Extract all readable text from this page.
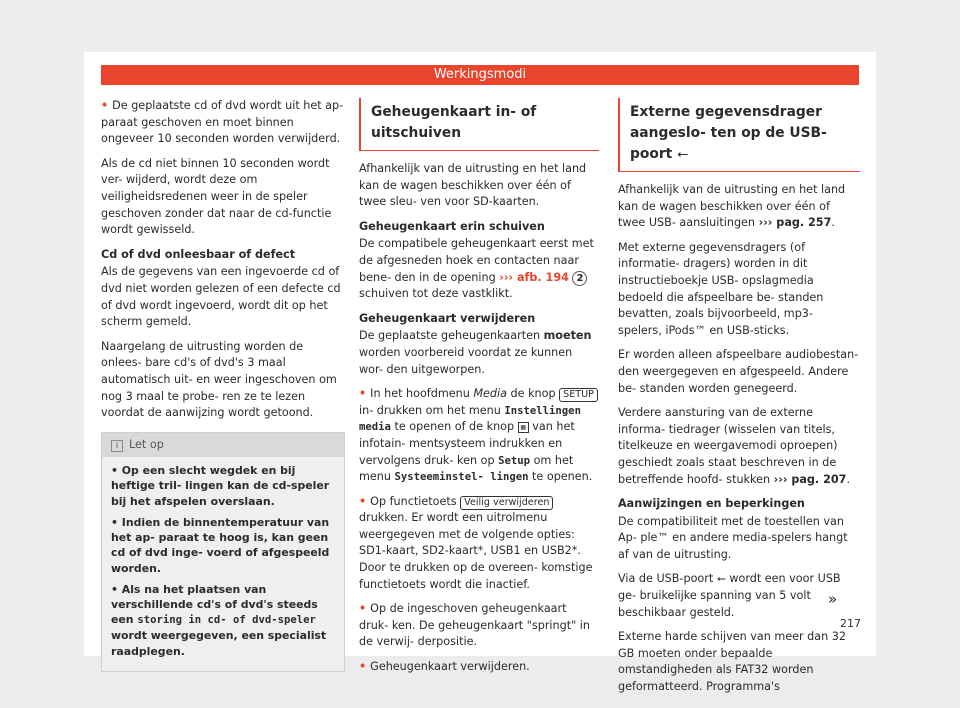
Werkingsmodi

• De geplaatste cd of dvd wordt uit het ap- paraat geschoven en moet binnen ongeveer 10 seconden worden verwijderd.

Als de cd niet binnen 10 seconden wordt ver- wijderd, wordt deze om veiligheidsredenen weer in de speler geschoven zonder dat naar de cd-functie wordt gewisseld.

Cd of dvd onleesbaar of defect

Als de gegevens van een ingevoerde cd of dvd niet worden gelezen of een defecte cd of dvd wordt ingevoerd, wordt dit op het scherm gemeld.

Naargelang de uitrusting worden de onlees- bare cd's of dvd's 3 maal automatisch uit- en weer ingeschoven om nog 3 maal te probe- ren ze te lezen voordat de aanwijzing wordt getoond.

i Let op

• Op een slecht wegdek en bij heftige tril- lingen kan de cd-speler bij het afspelen overslaan.

• Indien de binnentemperatuur van het ap- paraat te hoog is, kan geen cd of dvd inge- voerd of afgespeeld worden.

• Als na het plaatsen van verschillende cd's of dvd's steeds een storing in cd- of dvd-speler wordt weergegeven, een specialist raadplegen.

Geheugenkaart in- of uitschuiven

Afhankelijk van de uitrusting en het land kan de wagen beschikken over één of twee sleu- ven voor SD-kaarten.

Geheugenkaart erin schuiven

De compatibele geheugenkaart eerst met de afgesneden hoek en contacten naar bene- den in de opening ››› afb. 194 2 schuiven tot deze vastklikt.

Geheugenkaart verwijderen

De geplaatste geheugenkaarten moeten worden voorbereid voordat ze kunnen wor- den uitgeworpen.

• In het hoofdmenu Media de knop SETUP in- drukken om het menu Instellingen media te openen of de knop ▦ van het infotain- mentsysteem indrukken en vervolgens druk- ken op Setup om het menu Systeeminstel- lingen te openen.

• Op functietoets Veilig verwijderen drukken. Er wordt een uitrolmenu weergegeven met de volgende opties: SD1-kaart, SD2-kaart*, USB1 en USB2*. Door te drukken op de overeen- komstige functietoets wordt die inactief.

• Op de ingeschoven geheugenkaart druk- ken. De geheugenkaart "springt" in de verwij- derpositie.

• Geheugenkaart verwijderen.

Externe gegevensdrager aangeslo- ten op de USB-poort ⭠

Afhankelijk van de uitrusting en het land kan de wagen beschikken over één of twee USB- aansluitingen ››› pag. 257.

Met externe gegevensdragers (of informatie- dragers) worden in dit instructieboekje USB- opslagmedia bedoeld die afspeelbare be- standen bevatten, zoals bijvoorbeeld, mp3- spelers, iPods™ en USB-sticks.

Er worden alleen afspeelbare audiobestan- den weergegeven en afgespeeld. Andere be- standen worden genegeerd.

Verdere aansturing van de externe informa- tiedrager (wisselen van titels, titelkeuze en weergavemodi oproepen) geschiedt zoals staat beschreven in de betreffende hoofd- stukken ››› pag. 207.

Aanwijzingen en beperkingen

De compatibiliteit met de toestellen van Ap- ple™ en andere media-spelers hangt af van de uitrusting.

Via de USB-poort ⭠ wordt een voor USB ge- bruikelijke spanning van 5 volt beschikbaar gesteld.

Externe harde schijven van meer dan 32 GB moeten onder bepaalde omstandigheden als FAT32 worden geformatteerd. Programma's

»
217
